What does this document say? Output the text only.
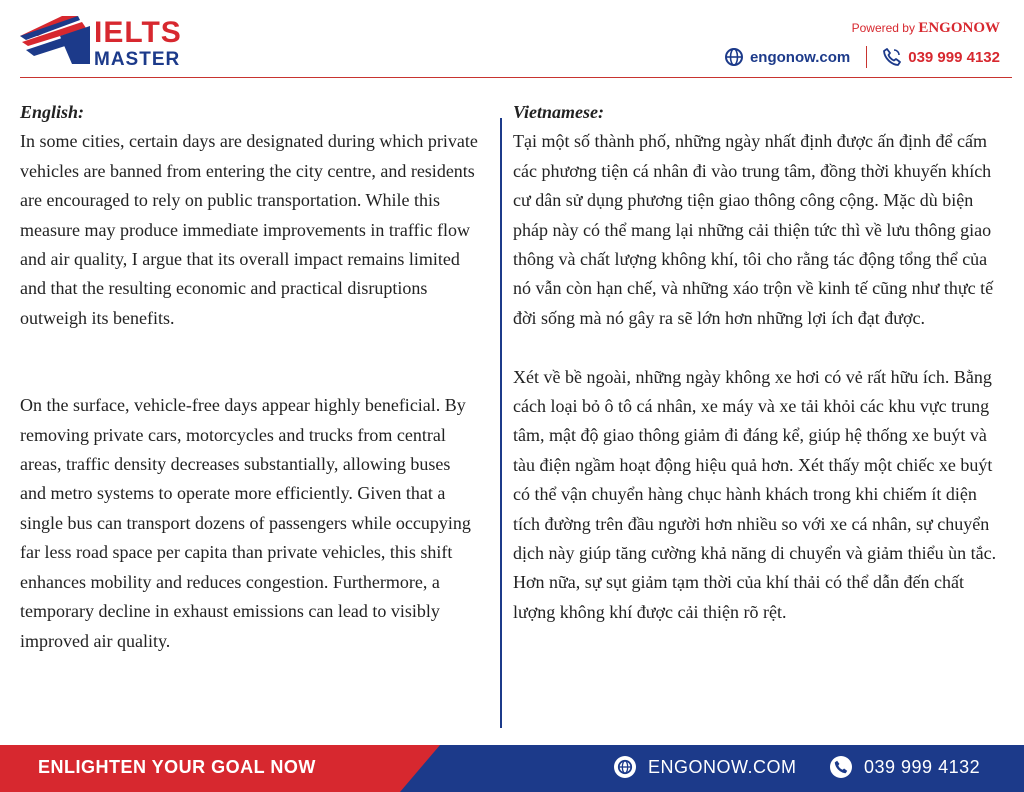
IELTS
MASTER
Powered by ENGONOW
engonow.com	039 999 4132
English:

In some cities, certain days are designated during which private vehicles are banned from entering the city centre, and residents are encouraged to rely on public transportation. While this measure may produce immediate improvements in traffic flow and air quality, I argue that its overall impact remains limited and that the resulting economic and practical disruptions outweigh its benefits.

On the surface, vehicle-free days appear highly beneficial. By removing private cars, motorcycles and trucks from central areas, traffic density decreases substantially, allowing buses and metro systems to operate more efficiently. Given that a single bus can transport dozens of passengers while occupying far less road space per capita than private vehicles, this shift enhances mobility and reduces congestion. Furthermore, a temporary decline in exhaust emissions can lead to visibly improved air quality.

Vietnamese:

Tại một số thành phố, những ngày nhất định được ấn định để cấm các phương tiện cá nhân đi vào trung tâm, đồng thời khuyến khích cư dân sử dụng phương tiện giao thông công cộng. Mặc dù biện pháp này có thể mang lại những cải thiện tức thì về lưu thông giao thông và chất lượng không khí, tôi cho rằng tác động tổng thể của nó vẫn còn hạn chế, và những xáo trộn về kinh tế cũng như thực tế đời sống mà nó gây ra sẽ lớn hơn những lợi ích đạt được.

Xét về bề ngoài, những ngày không xe hơi có vẻ rất hữu ích. Bằng cách loại bỏ ô tô cá nhân, xe máy và xe tải khỏi các khu vực trung tâm, mật độ giao thông giảm đi đáng kể, giúp hệ thống xe buýt và tàu điện ngầm hoạt động hiệu quả hơn. Xét thấy một chiếc xe buýt có thể vận chuyển hàng chục hành khách trong khi chiếm ít diện tích đường trên đầu người hơn nhiều so với xe cá nhân, sự chuyển dịch này giúp tăng cường khả năng di chuyển và giảm thiểu ùn tắc. Hơn nữa, sự sụt giảm tạm thời của khí thải có thể dẫn đến chất lượng không khí được cải thiện rõ rệt.

ENLIGHTEN YOUR GOAL NOW	ENGONOW.COM	039 999 4132
